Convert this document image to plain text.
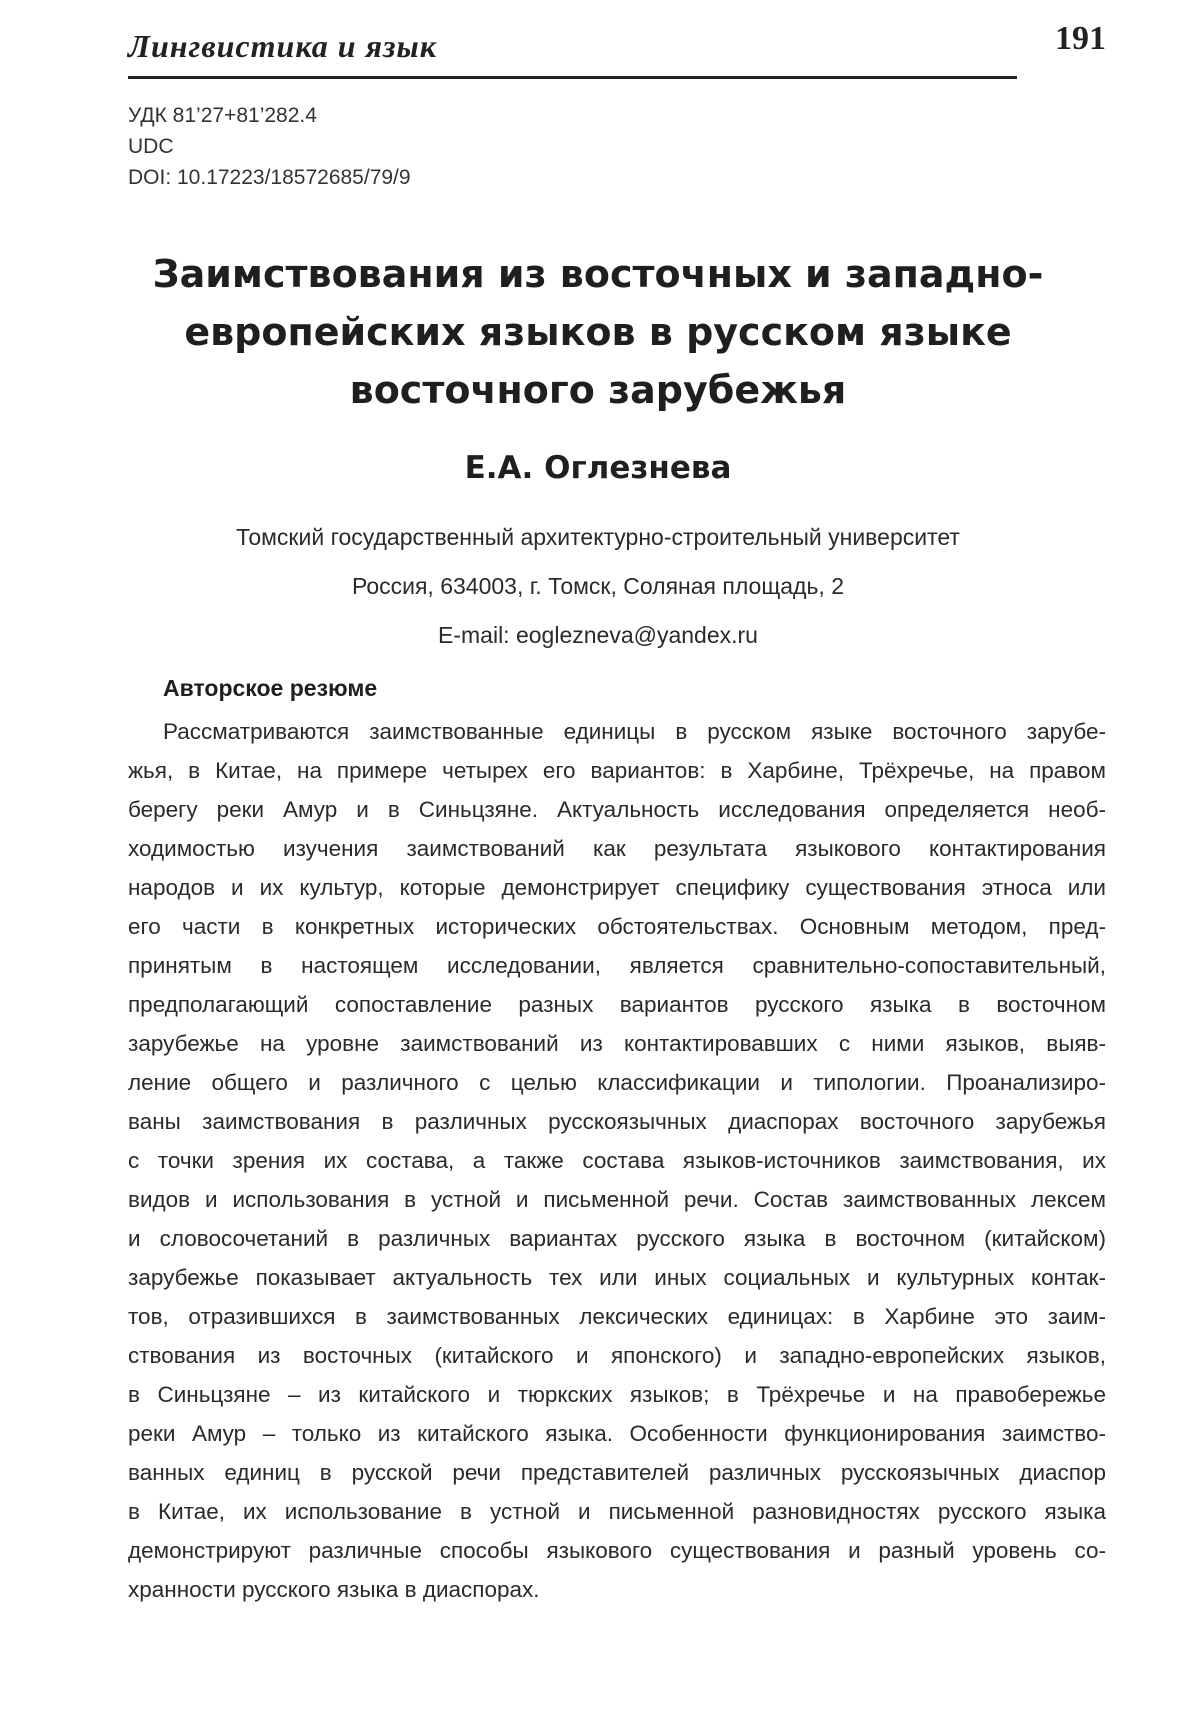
Лингвистика и язык	191
УДК 81’27+81’282.4
UDC
DOI: 10.17223/18572685/79/9
Заимствования из восточных и западно-
европейских языков в русском языке
восточного зарубежья
Е.А. Оглезнева
Томский государственный архитектурно-строительный университет
Россия, 634003, г. Томск, Соляная площадь, 2
E-mail: eoglezneva@yandex.ru
Авторское резюме
Рассматриваются заимствованные единицы в русском языке восточного зарубе-
жья, в Китае, на примере четырех его вариантов: в Харбине, Трёхречье, на правом
берегу реки Амур и в Синьцзяне. Актуальность исследования определяется необ-
ходимостью изучения заимствований как результата языкового контактирования
народов и их культур, которые демонстрирует специфику существования этноса или
его части в конкретных исторических обстоятельствах. Основным методом, пред-
принятым в настоящем исследовании, является сравнительно-сопоставительный,
предполагающий сопоставление разных вариантов русского языка в восточном
зарубежье на уровне заимствований из контактировавших с ними языков, выяв-
ление общего и различного с целью классификации и типологии. Проанализиро-
ваны заимствования в различных русскоязычных диаспорах восточного зарубежья
с точки зрения их состава, а также состава языков-источников заимствования, их
видов и использования в устной и письменной речи. Состав заимствованных лексем
и словосочетаний в различных вариантах русского языка в восточном (китайском)
зарубежье показывает актуальность тех или иных социальных и культурных контак-
тов, отразившихся в заимствованных лексических единицах: в Харбине это заим-
ствования из восточных (китайского и японского) и западно-европейских языков,
в Синьцзяне – из китайского и тюркских языков; в Трёхречье и на правобережье
реки Амур – только из китайского языка. Особенности функционирования заимство-
ванных единиц в русской речи представителей различных русскоязычных диаспор
в Китае, их использование в устной и письменной разновидностях русского языка
демонстрируют различные способы языкового существования и разный уровень со-
хранности русского языка в диаспорах.
